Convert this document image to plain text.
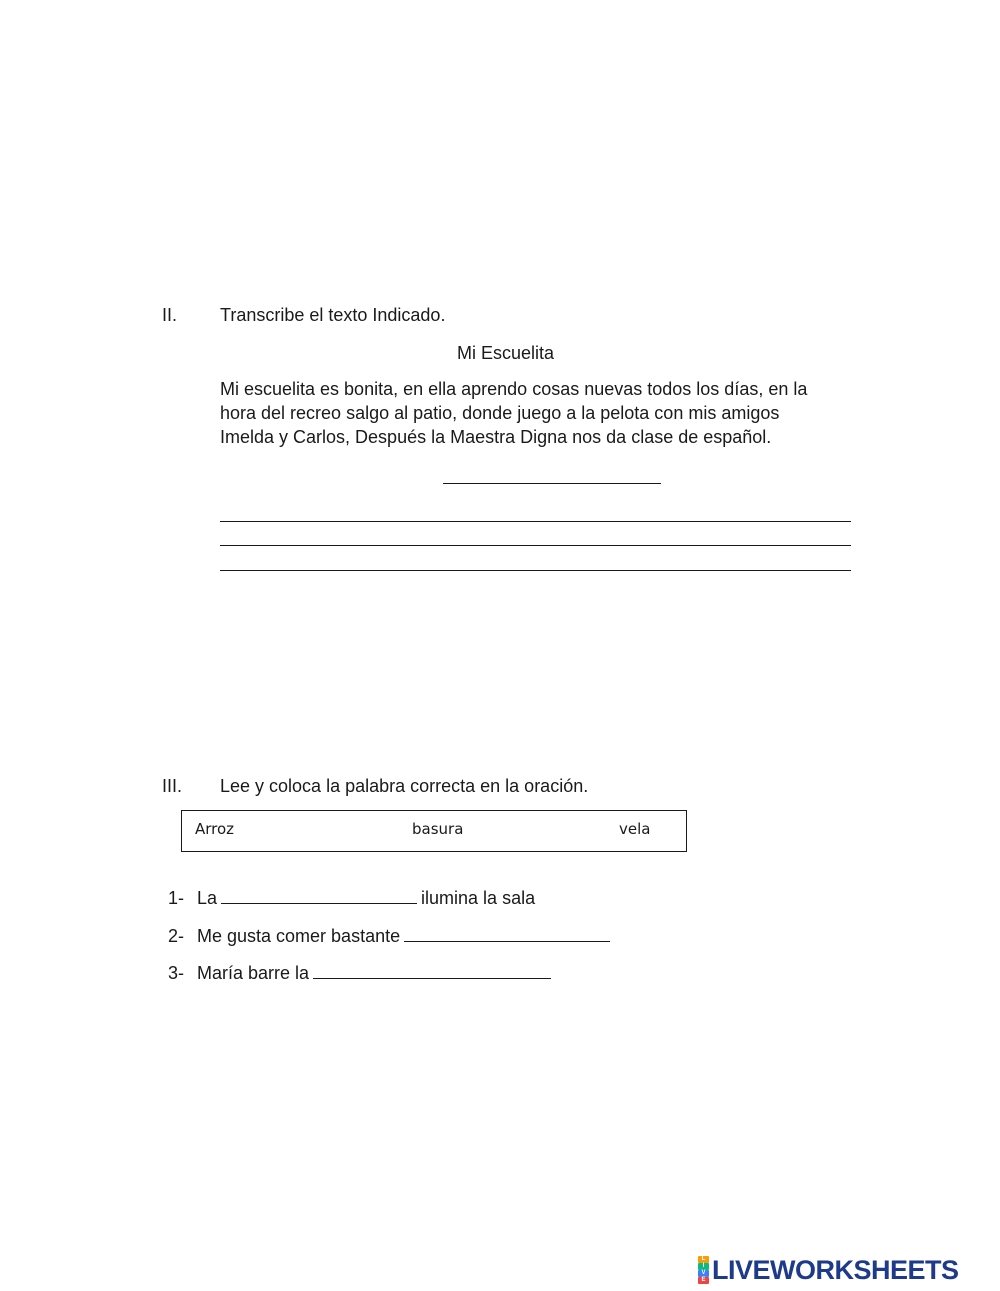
II.	Transcribe el texto Indicado.
Mi Escuelita
Mi escuelita es bonita, en ella aprendo cosas nuevas todos los días, en la
hora del recreo salgo al patio, donde juego a la pelota con mis amigos
Imelda y Carlos, Después la Maestra Digna nos da clase de español.
III.	Lee y coloca la palabra correcta en la oración.
Arroz	basura	vela
1- La	ilumina la sala
2- Me gusta comer bastante
3- María barre la
L
I
V
E LIVEWORKSHEETS
